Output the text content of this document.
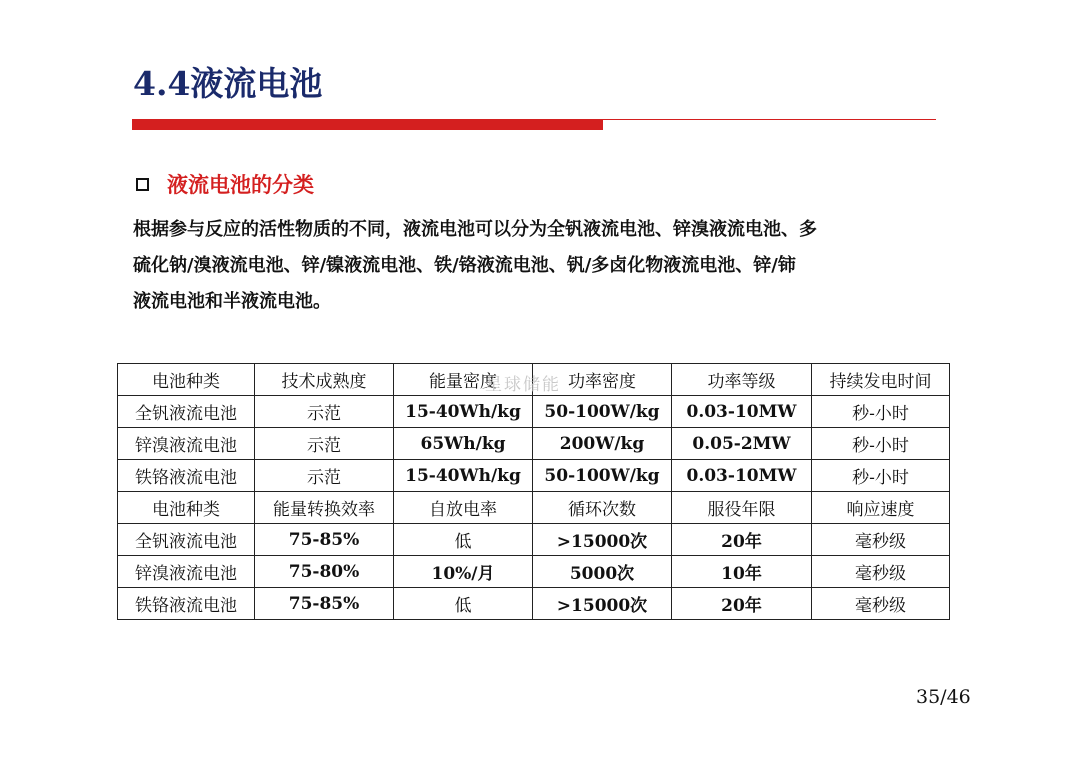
4.4液流电池
液流电池的分类
根据参与反应的活性物质的不同，液流电池可以分为全钒液流电池、锌溴液流电池、多
硫化钠/溴液流电池、锌/镍液流电池、铁/铬液流电池、钒/多卤化物液流电池、锌/铈
液流电池和半液流电池。
电池种类	技术成熟度	能量密度	功率密度	功率等级	持续发电时间
全钒液流电池	示范	15-40Wh/kg	50-100W/kg	0.03-10MW	秒-小时
锌溴液流电池	示范	65Wh/kg	200W/kg	0.05-2MW	秒-小时
铁铬液流电池	示范	15-40Wh/kg	50-100W/kg	0.03-10MW	秒-小时
电池种类	能量转换效率	自放电率	循环次数	服役年限	响应速度
全钒液流电池	75-85%	低	>15000次	20年	毫秒级
锌溴液流电池	75-80%	10%/月	5000次	10年	毫秒级
铁铬液流电池	75-85%	低	>15000次	20年	毫秒级
星球储能
35/46
